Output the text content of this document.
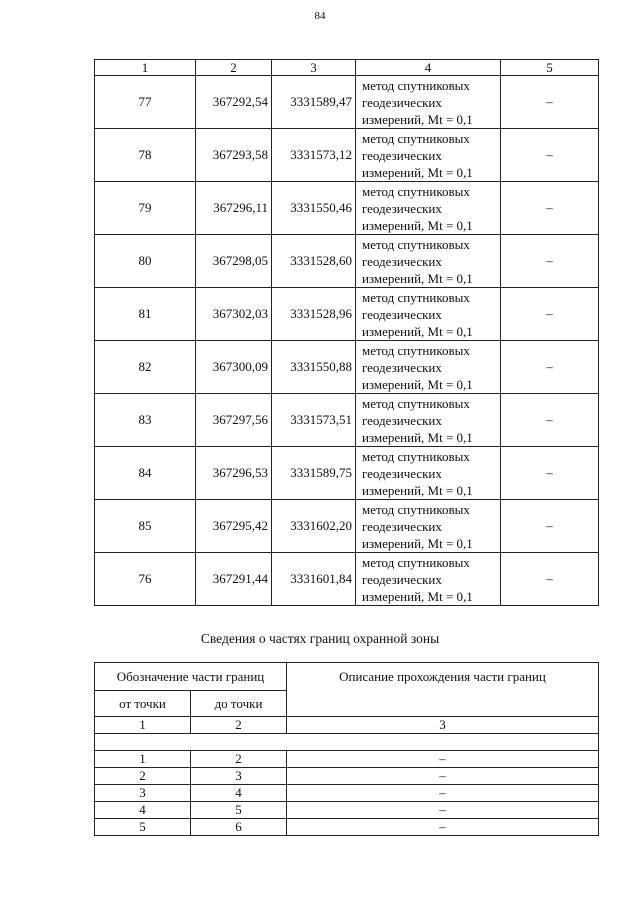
84
1	2	3	4	5
77	367292,54	3331589,47	метод спутниковых
геодезических
измерений, Mt = 0,1	–
78	367293,58	3331573,12	метод спутниковых
геодезических
измерений, Mt = 0,1	–
79	367296,11	3331550,46	метод спутниковых
геодезических
измерений, Mt = 0,1	–
80	367298,05	3331528,60	метод спутниковых
геодезических
измерений, Mt = 0,1	–
81	367302,03	3331528,96	метод спутниковых
геодезических
измерений, Mt = 0,1	–
82	367300,09	3331550,88	метод спутниковых
геодезических
измерений, Mt = 0,1	–
83	367297,56	3331573,51	метод спутниковых
геодезических
измерений, Mt = 0,1	–
84	367296,53	3331589,75	метод спутниковых
геодезических
измерений, Mt = 0,1	–
85	367295,42	3331602,20	метод спутниковых
геодезических
измерений, Mt = 0,1	–
76	367291,44	3331601,84	метод спутниковых
геодезических
измерений, Mt = 0,1	–
Сведения о частях границ охранной зоны
Обозначение части границ		Описание прохождения части границ
от точки	до точки	
1	2	3

1	2	–
2	3	–
3	4	–
4	5	–
5	6	–
